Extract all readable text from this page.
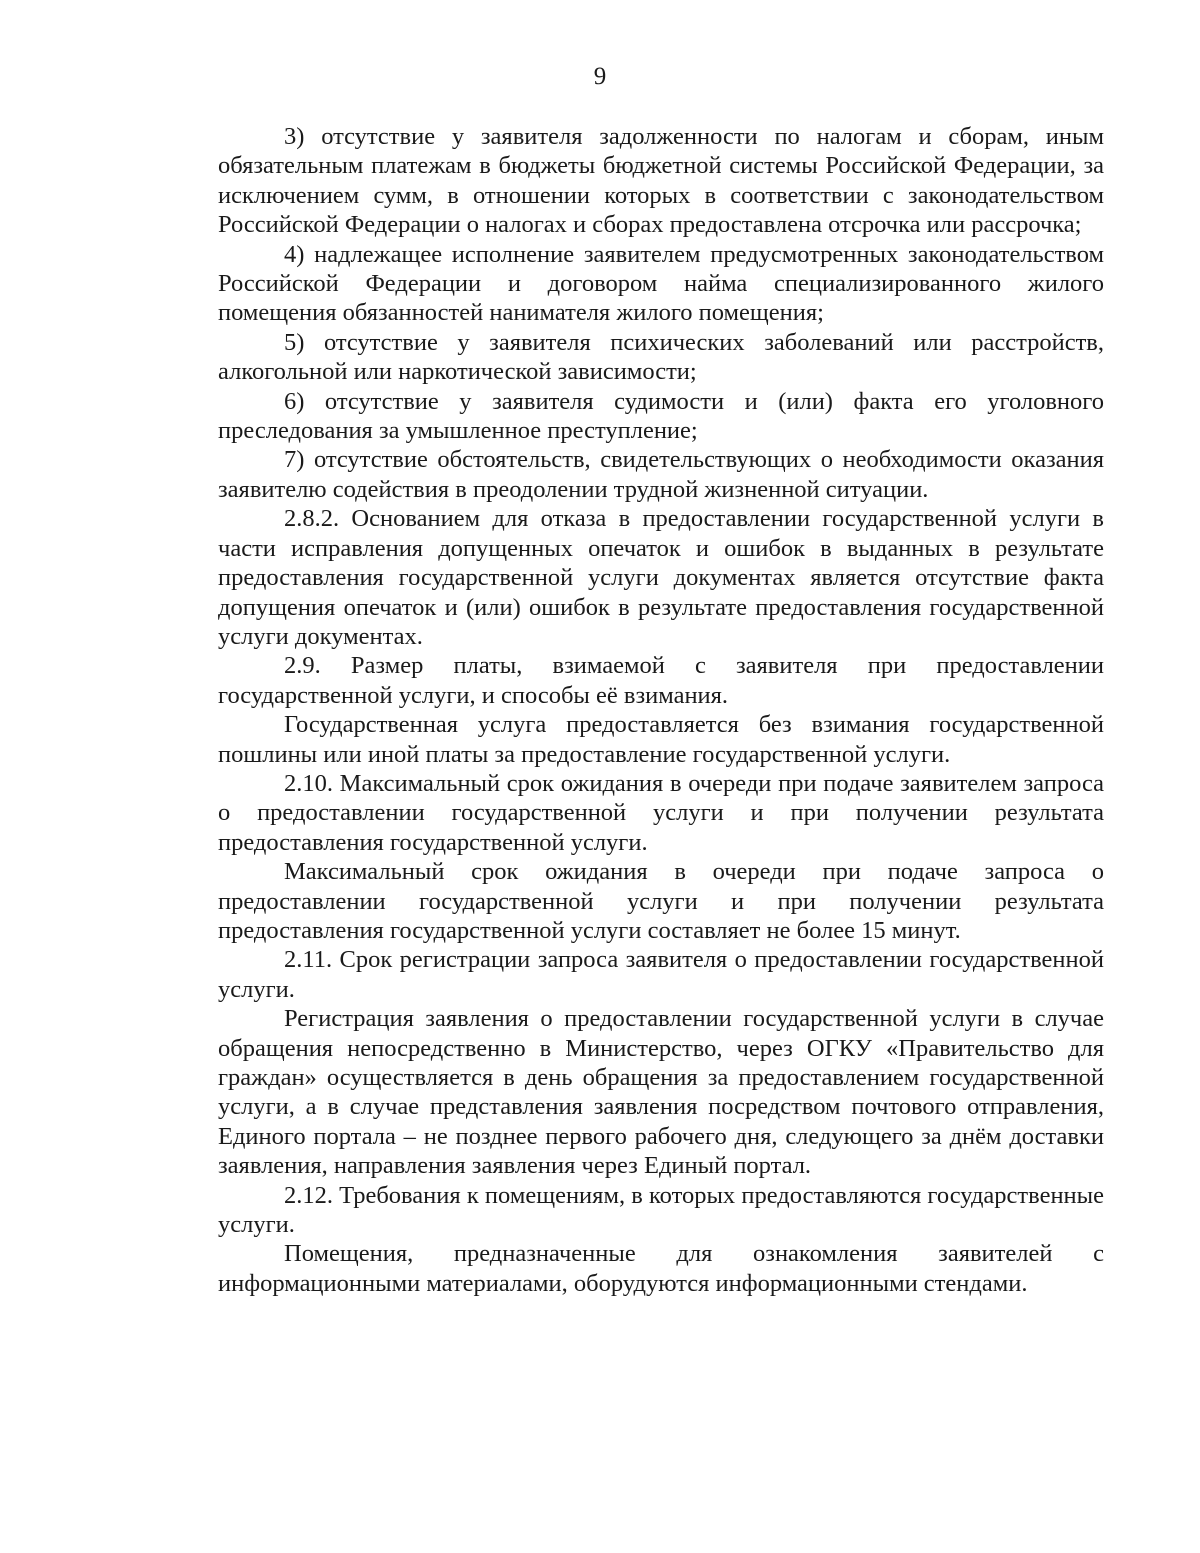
9

3) отсутствие у заявителя задолженности по налогам и сборам, иным обязательным платежам в бюджеты бюджетной системы Российской Федерации, за исключением сумм, в отношении которых в соответствии с законодательством Российской Федерации о налогах и сборах предоставлена отсрочка или рассрочка;

4) надлежащее исполнение заявителем предусмотренных законодательством Российской Федерации и договором найма специализированного жилого помещения обязанностей нанимателя жилого помещения;

5) отсутствие у заявителя психических заболеваний или расстройств, алкогольной или наркотической зависимости;

6) отсутствие у заявителя судимости и (или) факта его уголовного преследования за умышленное преступление;

7) отсутствие обстоятельств, свидетельствующих о необходимости оказания заявителю содействия в преодолении трудной жизненной ситуации.

2.8.2. Основанием для отказа в предоставлении государственной услуги в части исправления допущенных опечаток и ошибок в выданных в результате предоставления государственной услуги документах является отсутствие факта допущения опечаток и (или) ошибок в результате предоставления государственной услуги документах.

2.9. Размер платы, взимаемой с заявителя при предоставлении государственной услуги, и способы её взимания.

Государственная услуга предоставляется без взимания государственной пошлины или иной платы за предоставление государственной услуги.

2.10. Максимальный срок ожидания в очереди при подаче заявителем запроса о предоставлении государственной услуги и при получении результата предоставления государственной услуги.

Максимальный срок ожидания в очереди при подаче запроса о предоставлении государственной услуги и при получении результата предоставления государственной услуги составляет не более 15 минут.

2.11. Срок регистрации запроса заявителя о предоставлении государственной услуги.

Регистрация заявления о предоставлении государственной услуги в случае обращения непосредственно в Министерство, через ОГКУ «Правительство для граждан» осуществляется в день обращения за предоставлением государственной услуги, а в случае представления заявления посредством почтового отправления, Единого портала – не позднее первого рабочего дня, следующего за днём доставки заявления, направления заявления через Единый портал.

2.12. Требования к помещениям, в которых предоставляются государственные услуги.

Помещения, предназначенные для ознакомления заявителей с информационными материалами, оборудуются информационными стендами.
